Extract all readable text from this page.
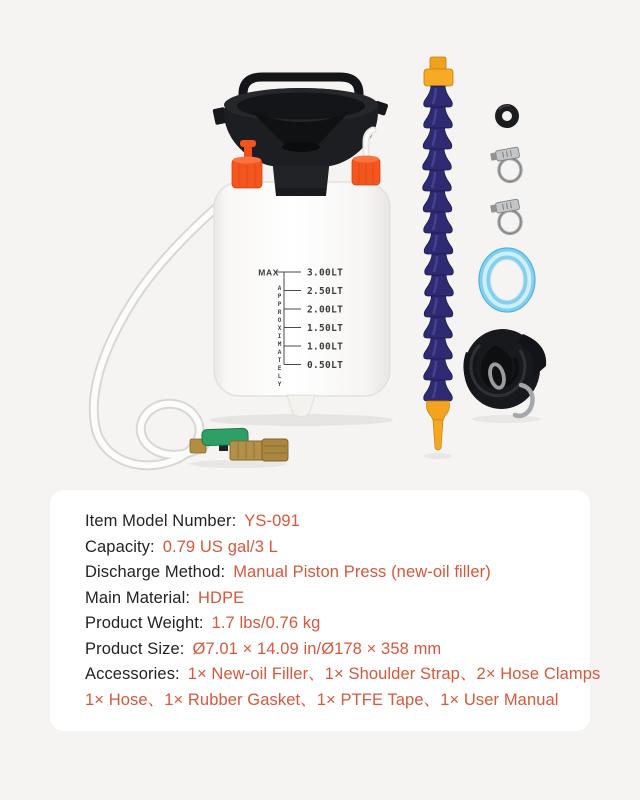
MAX	3.00LT
2.50LT
2.00LT
1.50LT
1.00LT
0.50LT
APPROXIMATELY
Item Model Number: YS-091
Capacity: 0.79 US gal/3 L
Discharge Method: Manual Piston Press (new-oil filler)
Main Material: HDPE
Product Weight: 1.7 lbs/0.76 kg
Product Size: Ø7.01 × 14.09 in/Ø178 × 358 mm
Accessories: 1× New-oil Filler、1× Shoulder Strap、2× Hose Clamps
1× Hose、1× Rubber Gasket、1× PTFE Tape、1× User Manual
